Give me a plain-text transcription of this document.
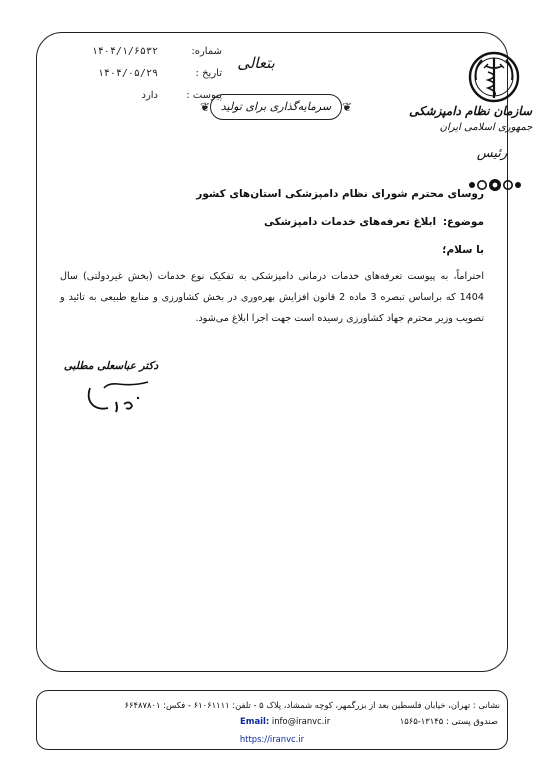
شماره:
۱۴۰۴/۱/۶۵۳۲
تاریخ :
۱۴۰۴/۰۵/۲۹
پیوست :
دارد
بتعالی
❦ سرمایه‌گذاری برای تولید ❦	سازمان نظام دامپزشکی
جمهوری اسلامی ایران
رئیس
روسای محترم شورای نظام دامپزشکی استان‌های کشور
موضوع: ابلاغ تعرفه‌های خدمات دامپزشکی
با سلام؛
احتراماً، به پیوست تعرفه‌های خدمات درمانی دامپزشکی به تفکیک نوع خدمات (بخش غیردولتی) سال 1404 که براساس تبصره 3 ماده 2 قانون افزایش بهره‌وری در بخش کشاورزی و منابع طبیعی به تائید و تصویب وزیر محترم جهاد کشاورزی رسیده است جهت اجرا ابلاغ می‌شود.
دکتر عباسعلی مطلبی
نشانی : تهران، خیابان فلسطین بعد از بزرگمهر، کوچه شمشاد، پلاک ۵ - تلفن: ۶۱۰۶۱۱۱۱ - فکس: ۶۶۴۸۷۸۰۱
صندوق پستی : ۱۳۱۴۵-۱۵۶۵
Email: info@iranvc.ir
https://iranvc.ir
